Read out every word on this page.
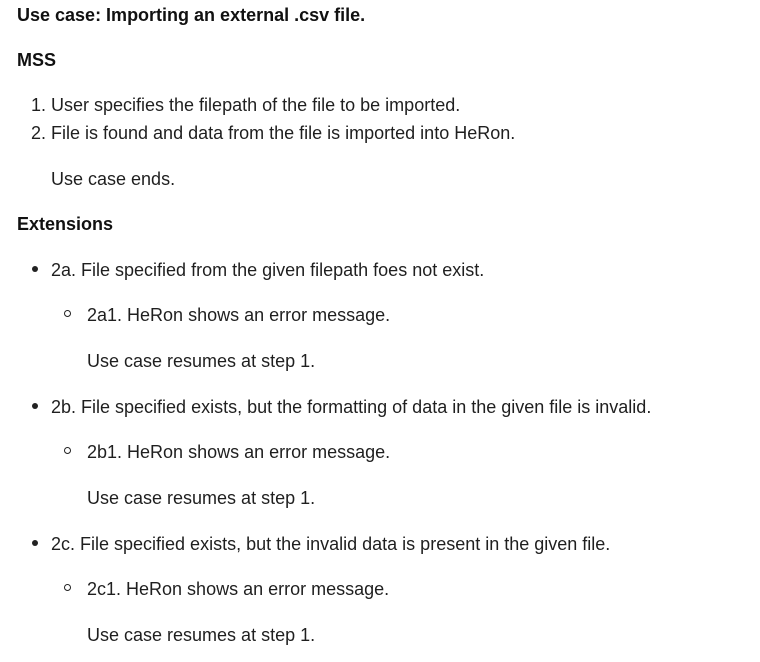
Use case: Importing an external .csv file.
MSS
1. User specifies the filepath of the file to be imported.
2. File is found and data from the file is imported into HeRon.
Use case ends.
Extensions
2a. File specified from the given filepath foes not exist.
2a1. HeRon shows an error message.
Use case resumes at step 1.
2b. File specified exists, but the formatting of data in the given file is invalid.
2b1. HeRon shows an error message.
Use case resumes at step 1.
2c. File specified exists, but the invalid data is present in the given file.
2c1. HeRon shows an error message.
Use case resumes at step 1.
